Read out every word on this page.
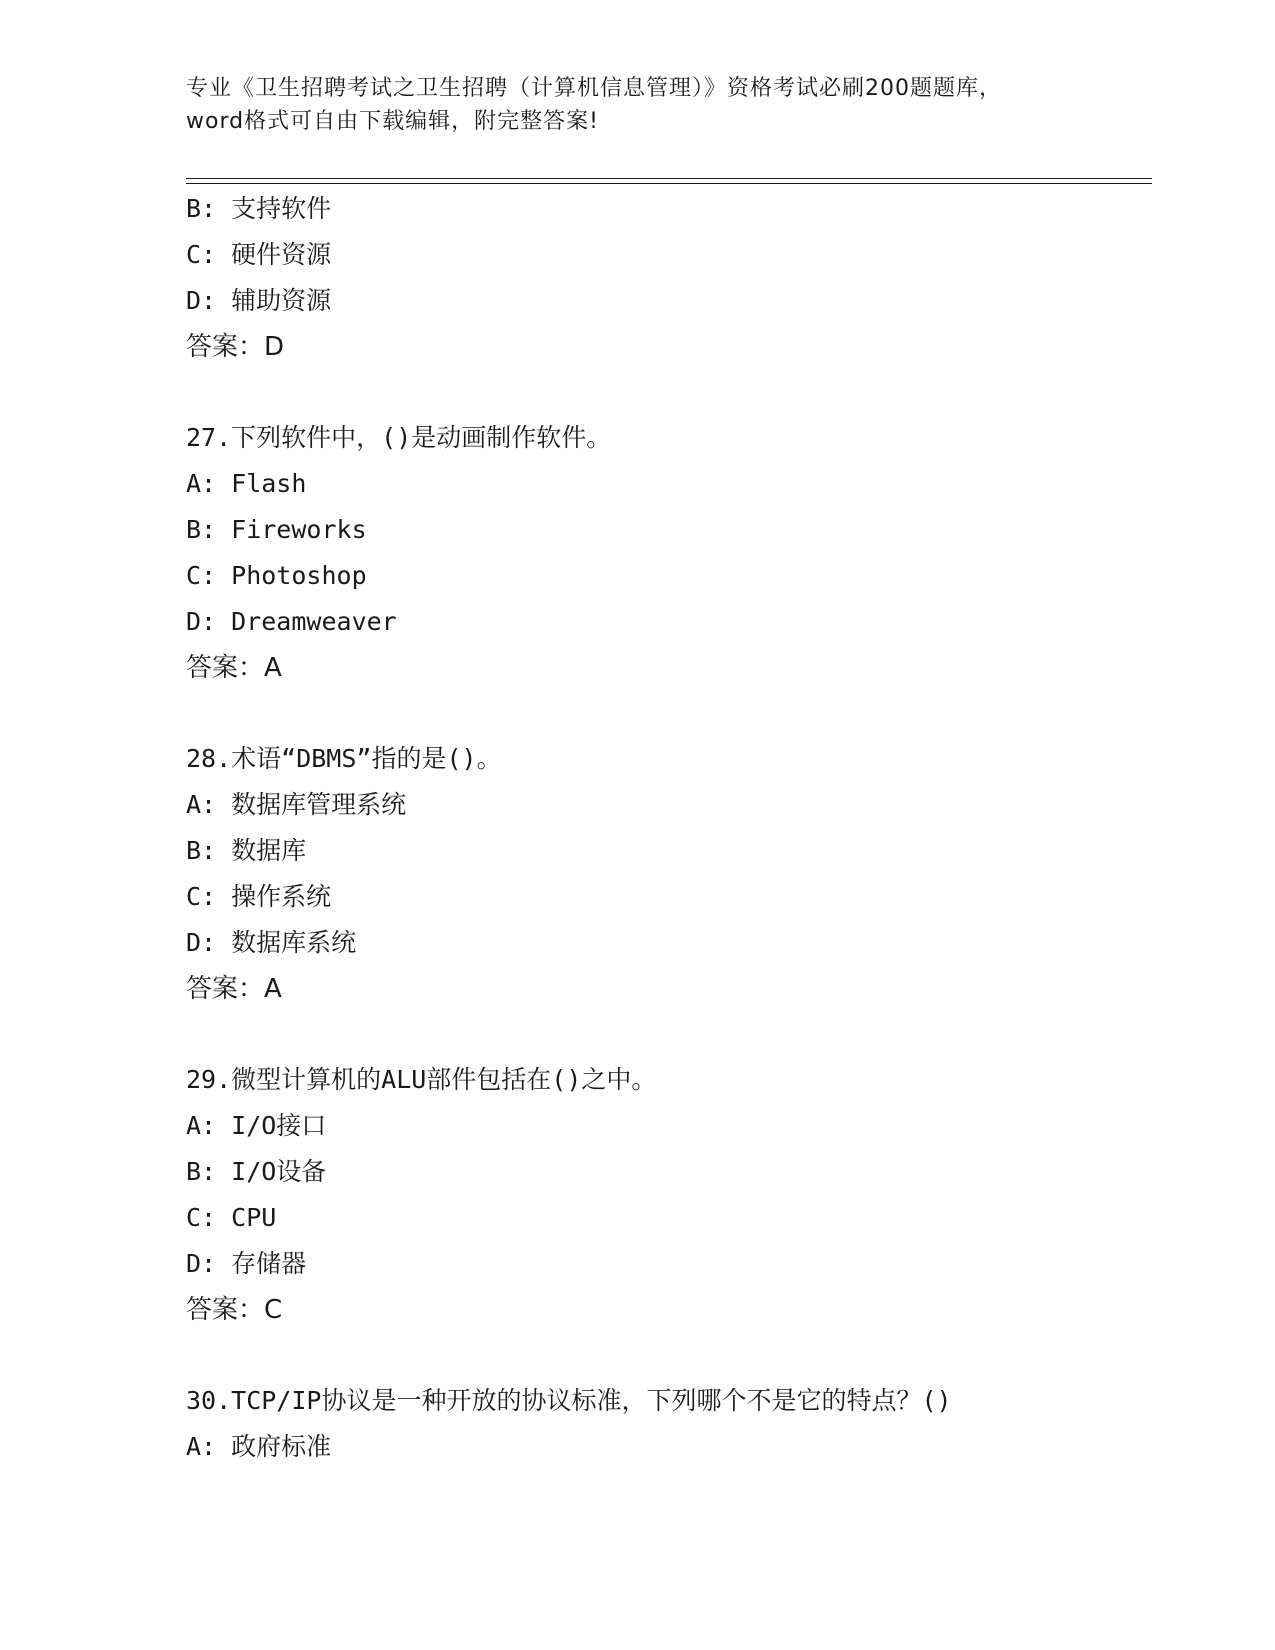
专业《卫生招聘考试之卫生招聘（计算机信息管理）》资格考试必刷200题题库，
word格式可自由下载编辑，附完整答案!
B: 支持软件
C: 硬件资源
D: 辅助资源
答案：D
27.下列软件中，()是动画制作软件。
A: Flash
B: Fireworks
C: Photoshop
D: Dreamweaver
答案：A
28.术语“DBMS”指的是()。
A: 数据库管理系统
B: 数据库
C: 操作系统
D: 数据库系统
答案：A
29.微型计算机的ALU部件包括在()之中。
A: I/O接口
B: I/O设备
C: CPU
D: 存储器
答案：C
30.TCP/IP协议是一种开放的协议标准，下列哪个不是它的特点？()
A: 政府标准
